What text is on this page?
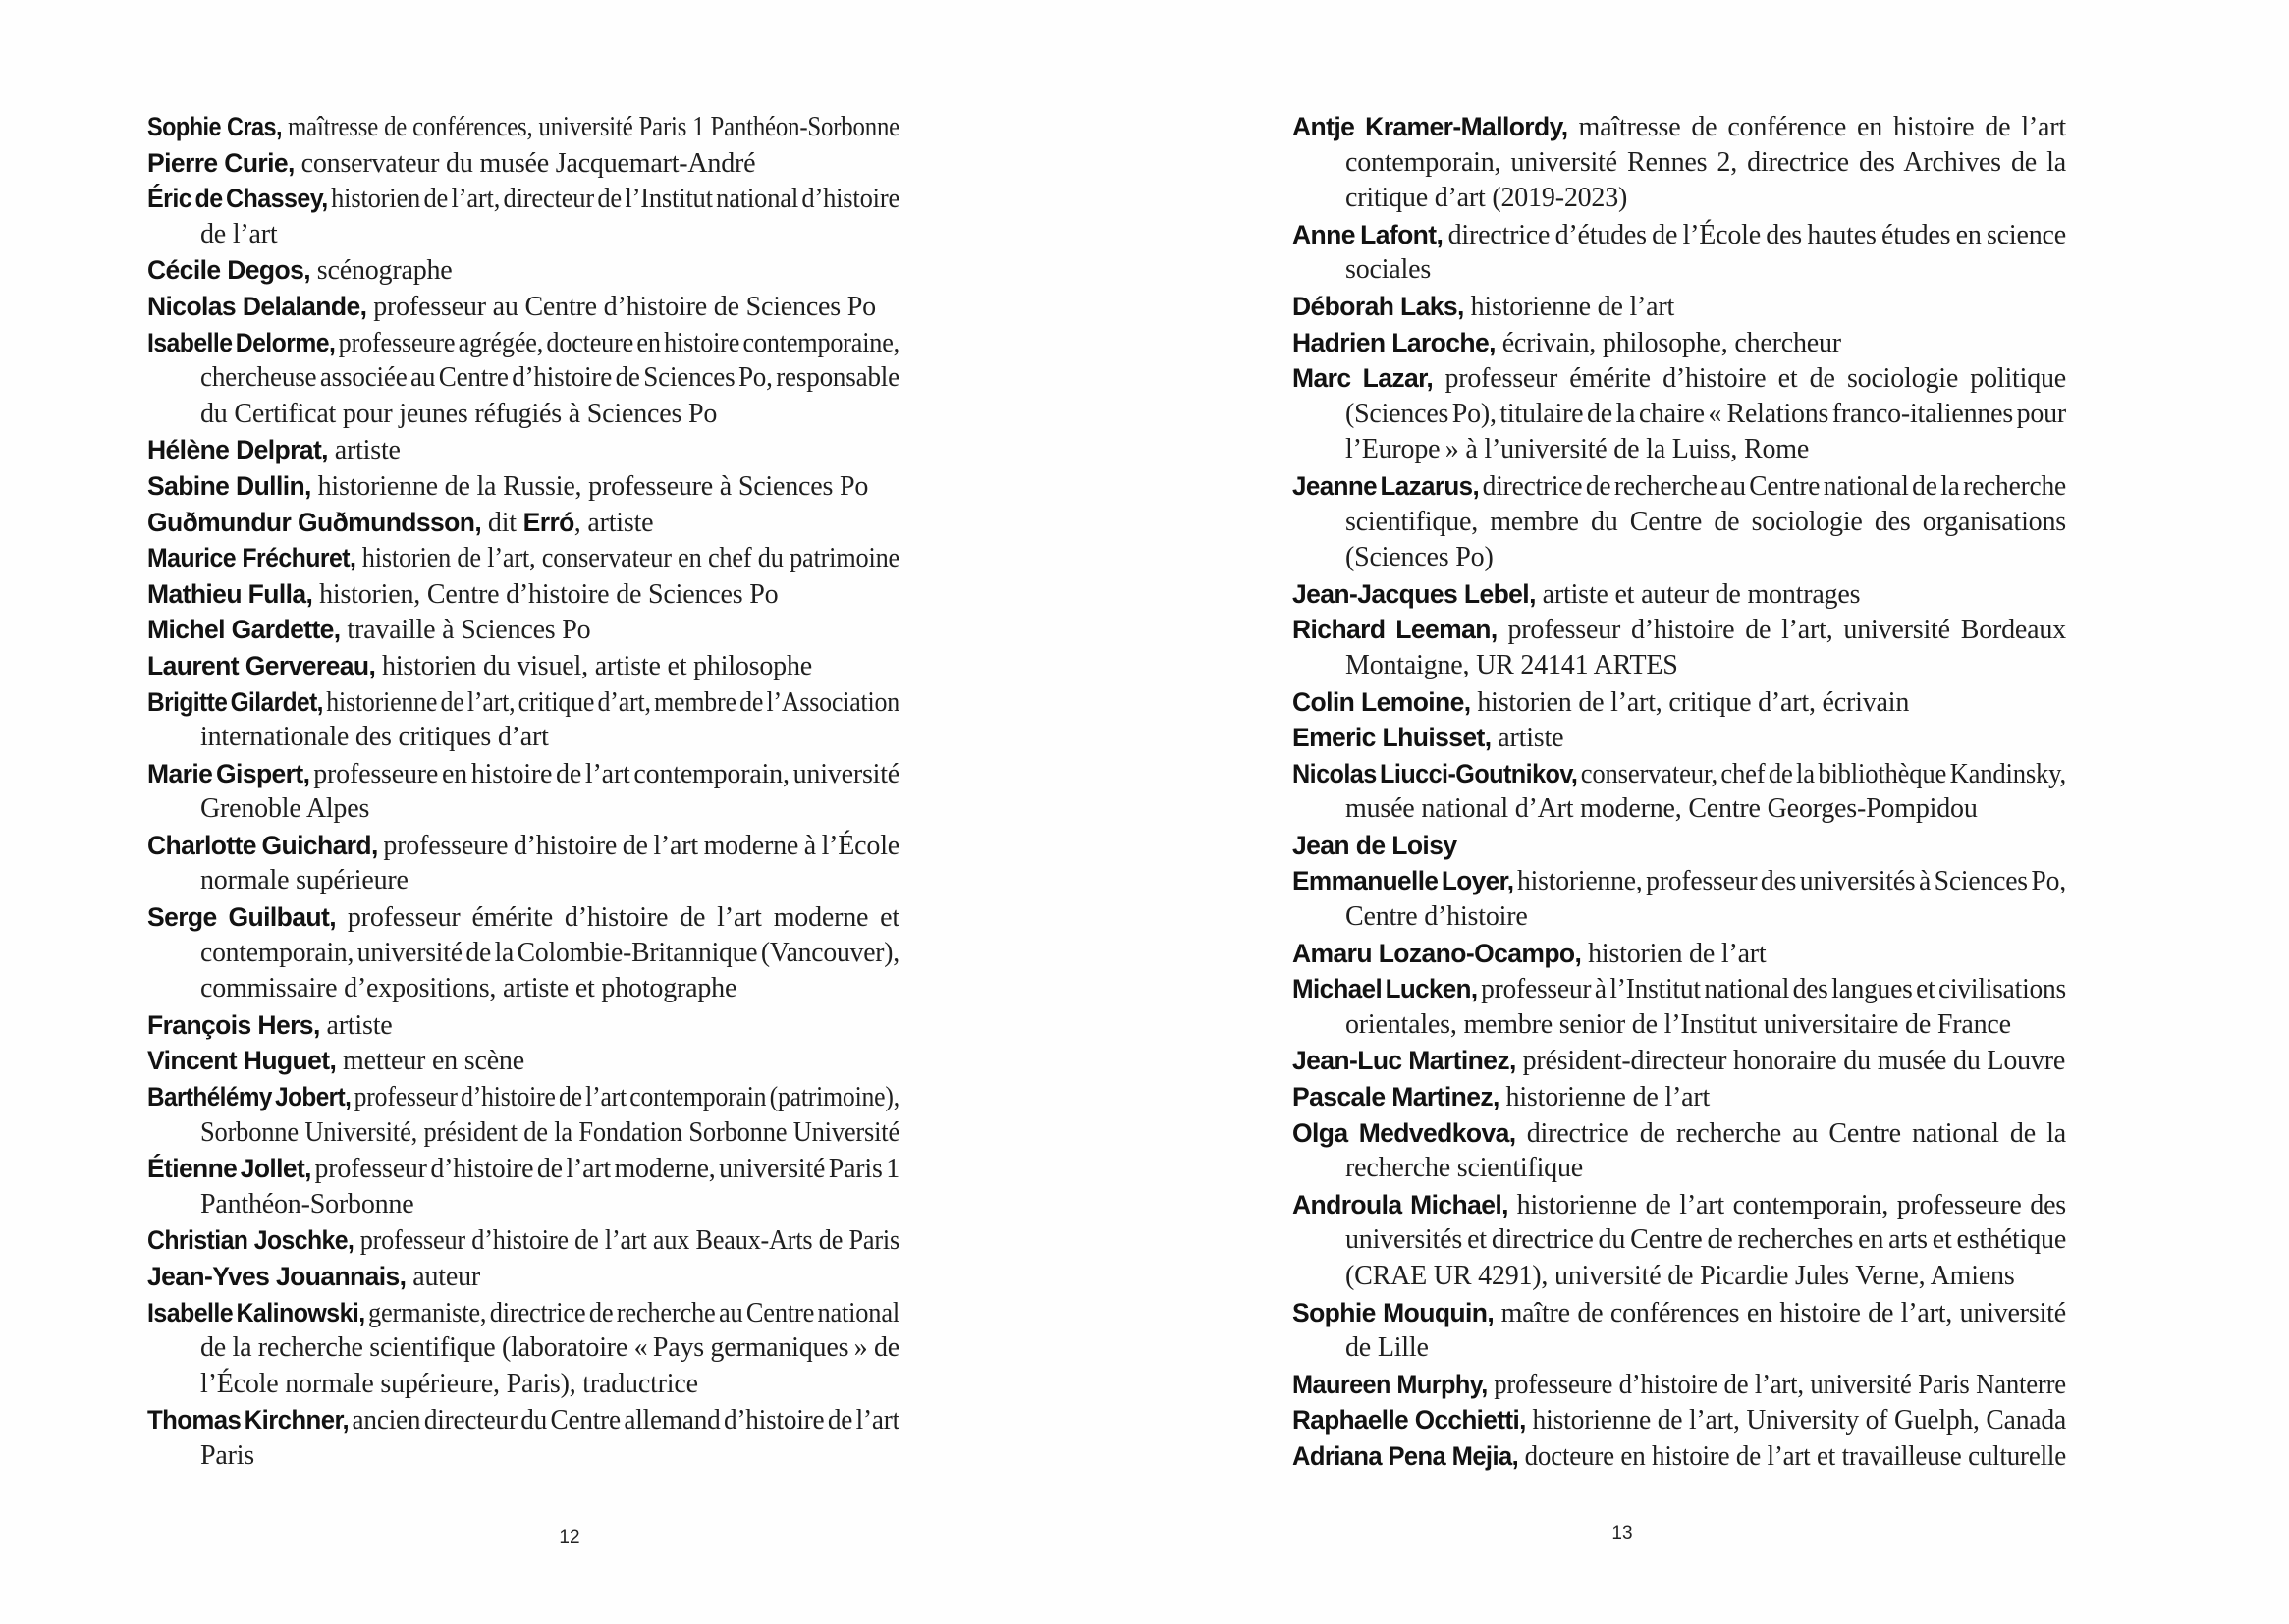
Sophie Cras, maîtresse de conférences, université Paris 1 Panthéon-Sorbonne
Pierre Curie, conservateur du musée Jacquemart-André
Éric de Chassey, historien de l’art, directeur de l’Institut national d’histoire
de l’art
Cécile Degos, scénographe
Nicolas Delalande, professeur au Centre d’histoire de Sciences Po
Isabelle Delorme, professeure agrégée, docteure en histoire contemporaine,
chercheuse associée au Centre d’histoire de Sciences Po, responsable
du Certificat pour jeunes réfugiés à Sciences Po
Hélène Delprat, artiste
Sabine Dullin, historienne de la Russie, professeure à Sciences Po
Guðmundur Guðmundsson, dit Erró, artiste
Maurice Fréchuret, historien de l’art, conservateur en chef du patrimoine
Mathieu Fulla, historien, Centre d’histoire de Sciences Po
Michel Gardette, travaille à Sciences Po
Laurent Gervereau, historien du visuel, artiste et philosophe
Brigitte Gilardet, historienne de l’art, critique d’art, membre de l’Association
internationale des critiques d’art
Marie Gispert, professeure en histoire de l’art contemporain, université
Grenoble Alpes
Charlotte Guichard, professeure d’histoire de l’art moderne à l’École
normale supérieure
Serge Guilbaut, professeur émérite d’histoire de l’art moderne et
contemporain, université de la Colombie-Britannique (Vancouver),
commissaire d’expositions, artiste et photographe
François Hers, artiste
Vincent Huguet, metteur en scène
Barthélémy Jobert, professeur d’histoire de l’art contemporain (patrimoine),
Sorbonne Université, président de la Fondation Sorbonne Université
Étienne Jollet, professeur d’histoire de l’art moderne, université Paris 1
Panthéon-Sorbonne
Christian Joschke, professeur d’histoire de l’art aux Beaux-Arts de Paris
Jean-Yves Jouannais, auteur
Isabelle Kalinowski, germaniste, directrice de recherche au Centre national
de la recherche scientifique (laboratoire « Pays germaniques » de
l’École normale supérieure, Paris), traductrice
Thomas Kirchner, ancien directeur du Centre allemand d’histoire de l’art
Paris
Antje Kramer-Mallordy, maîtresse de conférence en histoire de l’art
contemporain, université Rennes 2, directrice des Archives de la
critique d’art (2019-2023)
Anne Lafont, directrice d’études de l’École des hautes études en science
sociales
Déborah Laks, historienne de l’art
Hadrien Laroche, écrivain, philosophe, chercheur
Marc Lazar, professeur émérite d’histoire et de sociologie politique
(Sciences Po), titulaire de la chaire « Relations franco-italiennes pour
l’Europe » à l’université de la Luiss, Rome
Jeanne Lazarus, directrice de recherche au Centre national de la recherche
scientifique, membre du Centre de sociologie des organisations
(Sciences Po)
Jean-Jacques Lebel, artiste et auteur de montrages
Richard Leeman, professeur d’histoire de l’art, université Bordeaux
Montaigne, UR 24141 ARTES
Colin Lemoine, historien de l’art, critique d’art, écrivain
Emeric Lhuisset, artiste
Nicolas Liucci-Goutnikov, conservateur, chef de la bibliothèque Kandinsky,
musée national d’Art moderne, Centre Georges-Pompidou
Jean de Loisy
Emmanuelle Loyer, historienne, professeur des universités à Sciences Po,
Centre d’histoire
Amaru Lozano-Ocampo, historien de l’art
Michael Lucken, professeur à l’Institut national des langues et civilisations
orientales, membre senior de l’Institut universitaire de France
Jean-Luc Martinez, président-directeur honoraire du musée du Louvre
Pascale Martinez, historienne de l’art
Olga Medvedkova, directrice de recherche au Centre national de la
recherche scientifique
Androula Michael, historienne de l’art contemporain, professeure des
universités et directrice du Centre de recherches en arts et esthétique
(CRAE UR 4291), université de Picardie Jules Verne, Amiens
Sophie Mouquin, maître de conférences en histoire de l’art, université
de Lille
Maureen Murphy, professeure d’histoire de l’art, université Paris Nanterre
Raphaelle Occhietti, historienne de l’art, University of Guelph, Canada
Adriana Pena Mejia, docteure en histoire de l’art et travailleuse culturelle
12	13
